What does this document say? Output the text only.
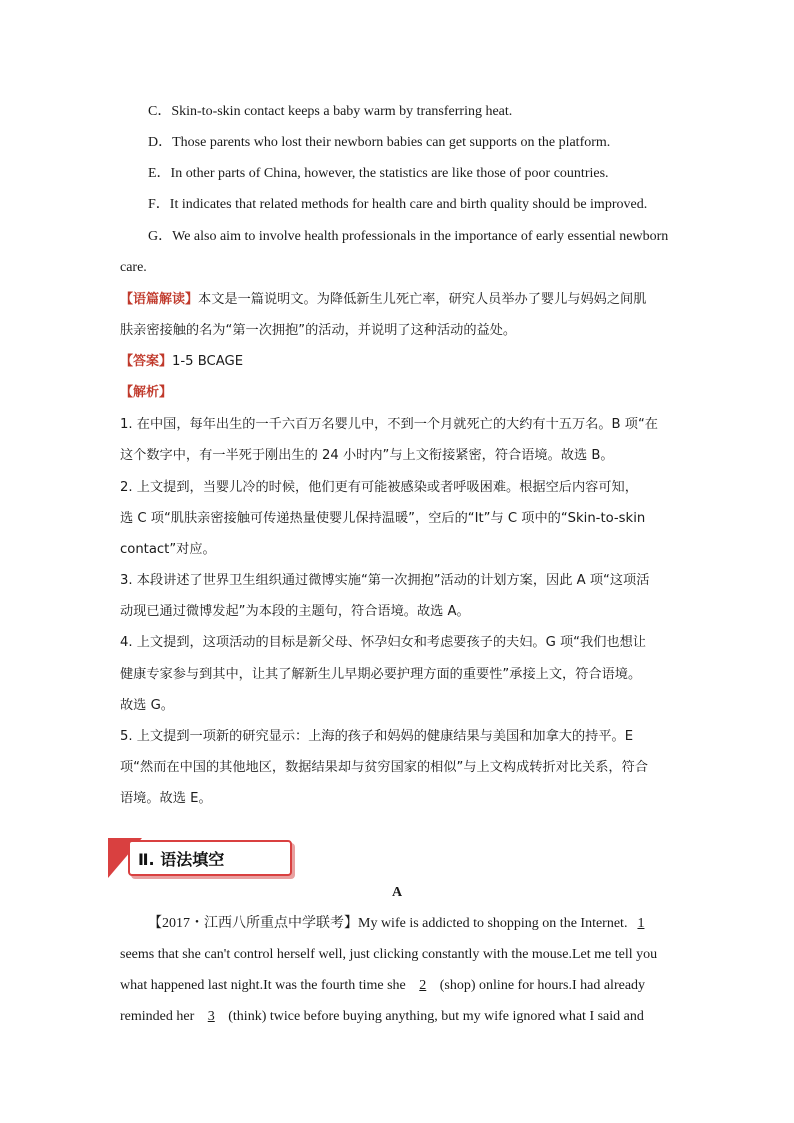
C．Skin-to-skin contact keeps a baby warm by transferring heat.
D．Those parents who lost their newborn babies can get supports on the platform.
E．In other parts of China, however, the statistics are like those of poor countries.
F．It indicates that related methods for health care and birth quality should be improved.
G．We also aim to involve health professionals in the importance of early essential newborn
care.
【语篇解读】本文是一篇说明文。为降低新生儿死亡率，研究人员举办了婴儿与妈妈之间肌
肤亲密接触的名为“第一次拥抱”的活动，并说明了这种活动的益处。
【答案】1-5 BCAGE
【解析】
1. 在中国，每年出生的一千六百万名婴儿中，不到一个月就死亡的大约有十五万名。B 项“在
这个数字中，有一半死于刚出生的 24 小时内”与上文衔接紧密，符合语境。故选 B。
2. 上文提到，当婴儿冷的时候，他们更有可能被感染或者呼吸困难。根据空后内容可知，
选 C 项“肌肤亲密接触可传递热量使婴儿保持温暖”，空后的“It”与 C 项中的“Skin-to-skin
contact”对应。
3. 本段讲述了世界卫生组织通过微博实施“第一次拥抱”活动的计划方案，因此 A 项“这项活
动现已通过微博发起”为本段的主题句，符合语境。故选 A。
4. 上文提到，这项活动的目标是新父母、怀孕妇女和考虑要孩子的夫妇。G 项“我们也想让
健康专家参与到其中，让其了解新生儿早期必要护理方面的重要性”承接上文，符合语境。
故选 G。
5. 上文提到一项新的研究显示：上海的孩子和妈妈的健康结果与美国和加拿大的持平。E
项“然而在中国的其他地区，数据结果却与贫穷国家的相似”与上文构成转折对比关系，符合
语境。故选 E。
Ⅱ. 语法填空
A
【2017・江西八所重点中学联考】My wife is addicted to shopping on the Internet. 1
seems that she can't control herself well, just clicking constantly with the mouse.Let me tell you
what happened last night.It was the fourth time she 2 (shop) online for hours.I had already
reminded her 3 (think) twice before buying anything, but my wife ignored what I said and
